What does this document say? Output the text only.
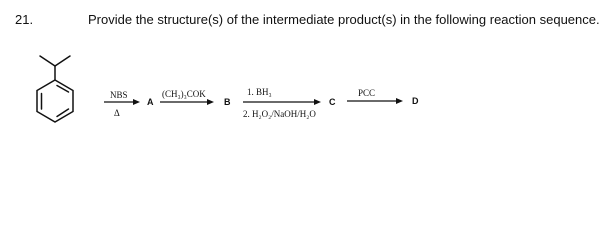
21.	Provide the structure(s) of the intermediate product(s) in the following reaction sequence.
NBS
Δ
A
(CH₃)₃COK
→ B
1. BH₃
2. H₂O₂/NaOH/H₂O
C
PCC
→ D
